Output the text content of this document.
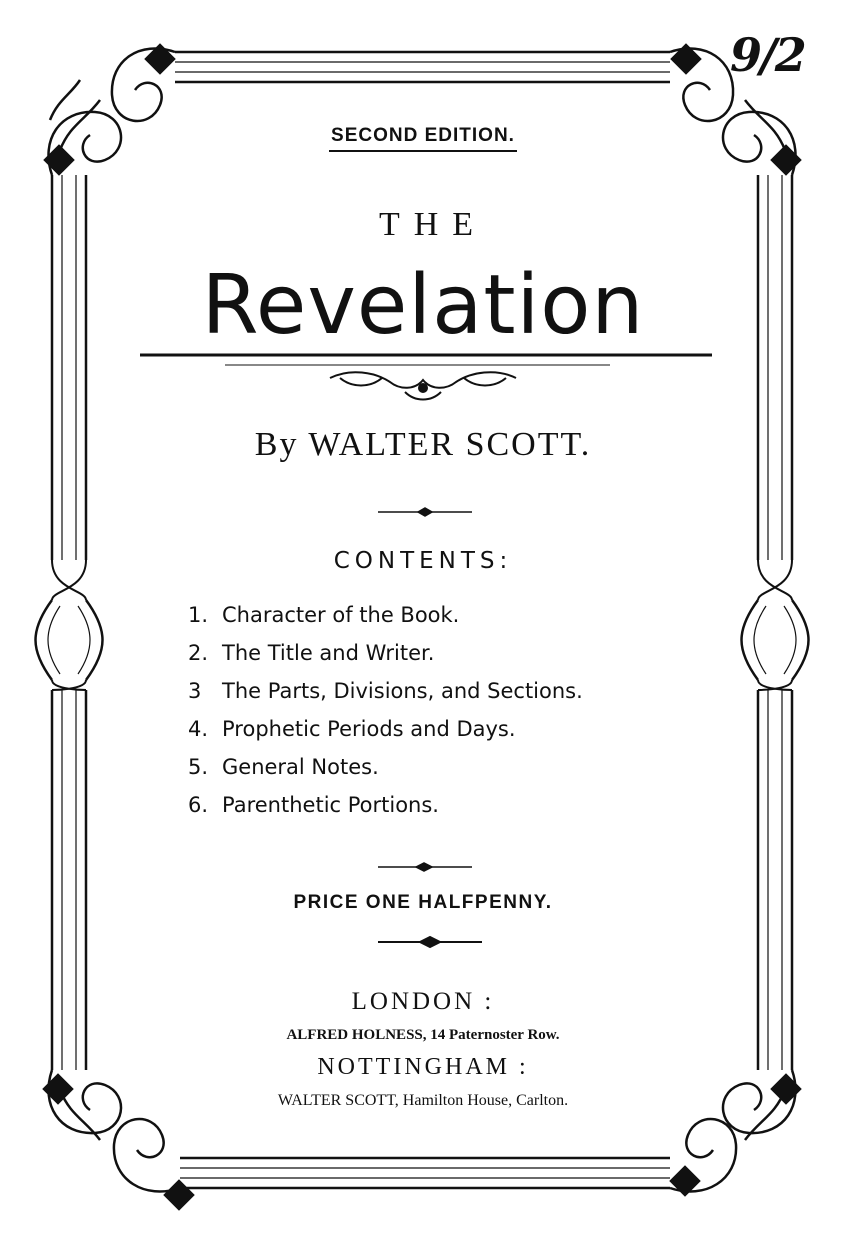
9/2
SECOND EDITION.
THE
Revelation
By WALTER SCOTT.
CONTENTS:
1. Character of the Book.
2. The Title and Writer.
3 The Parts, Divisions, and Sections.
4. Prophetic Periods and Days.
5. General Notes.
6. Parenthetic Portions.
PRICE ONE HALFPENNY.
LONDON :
ALFRED HOLNESS, 14 Paternoster Row.
NOTTINGHAM :
WALTER SCOTT, Hamilton House, Carlton.
